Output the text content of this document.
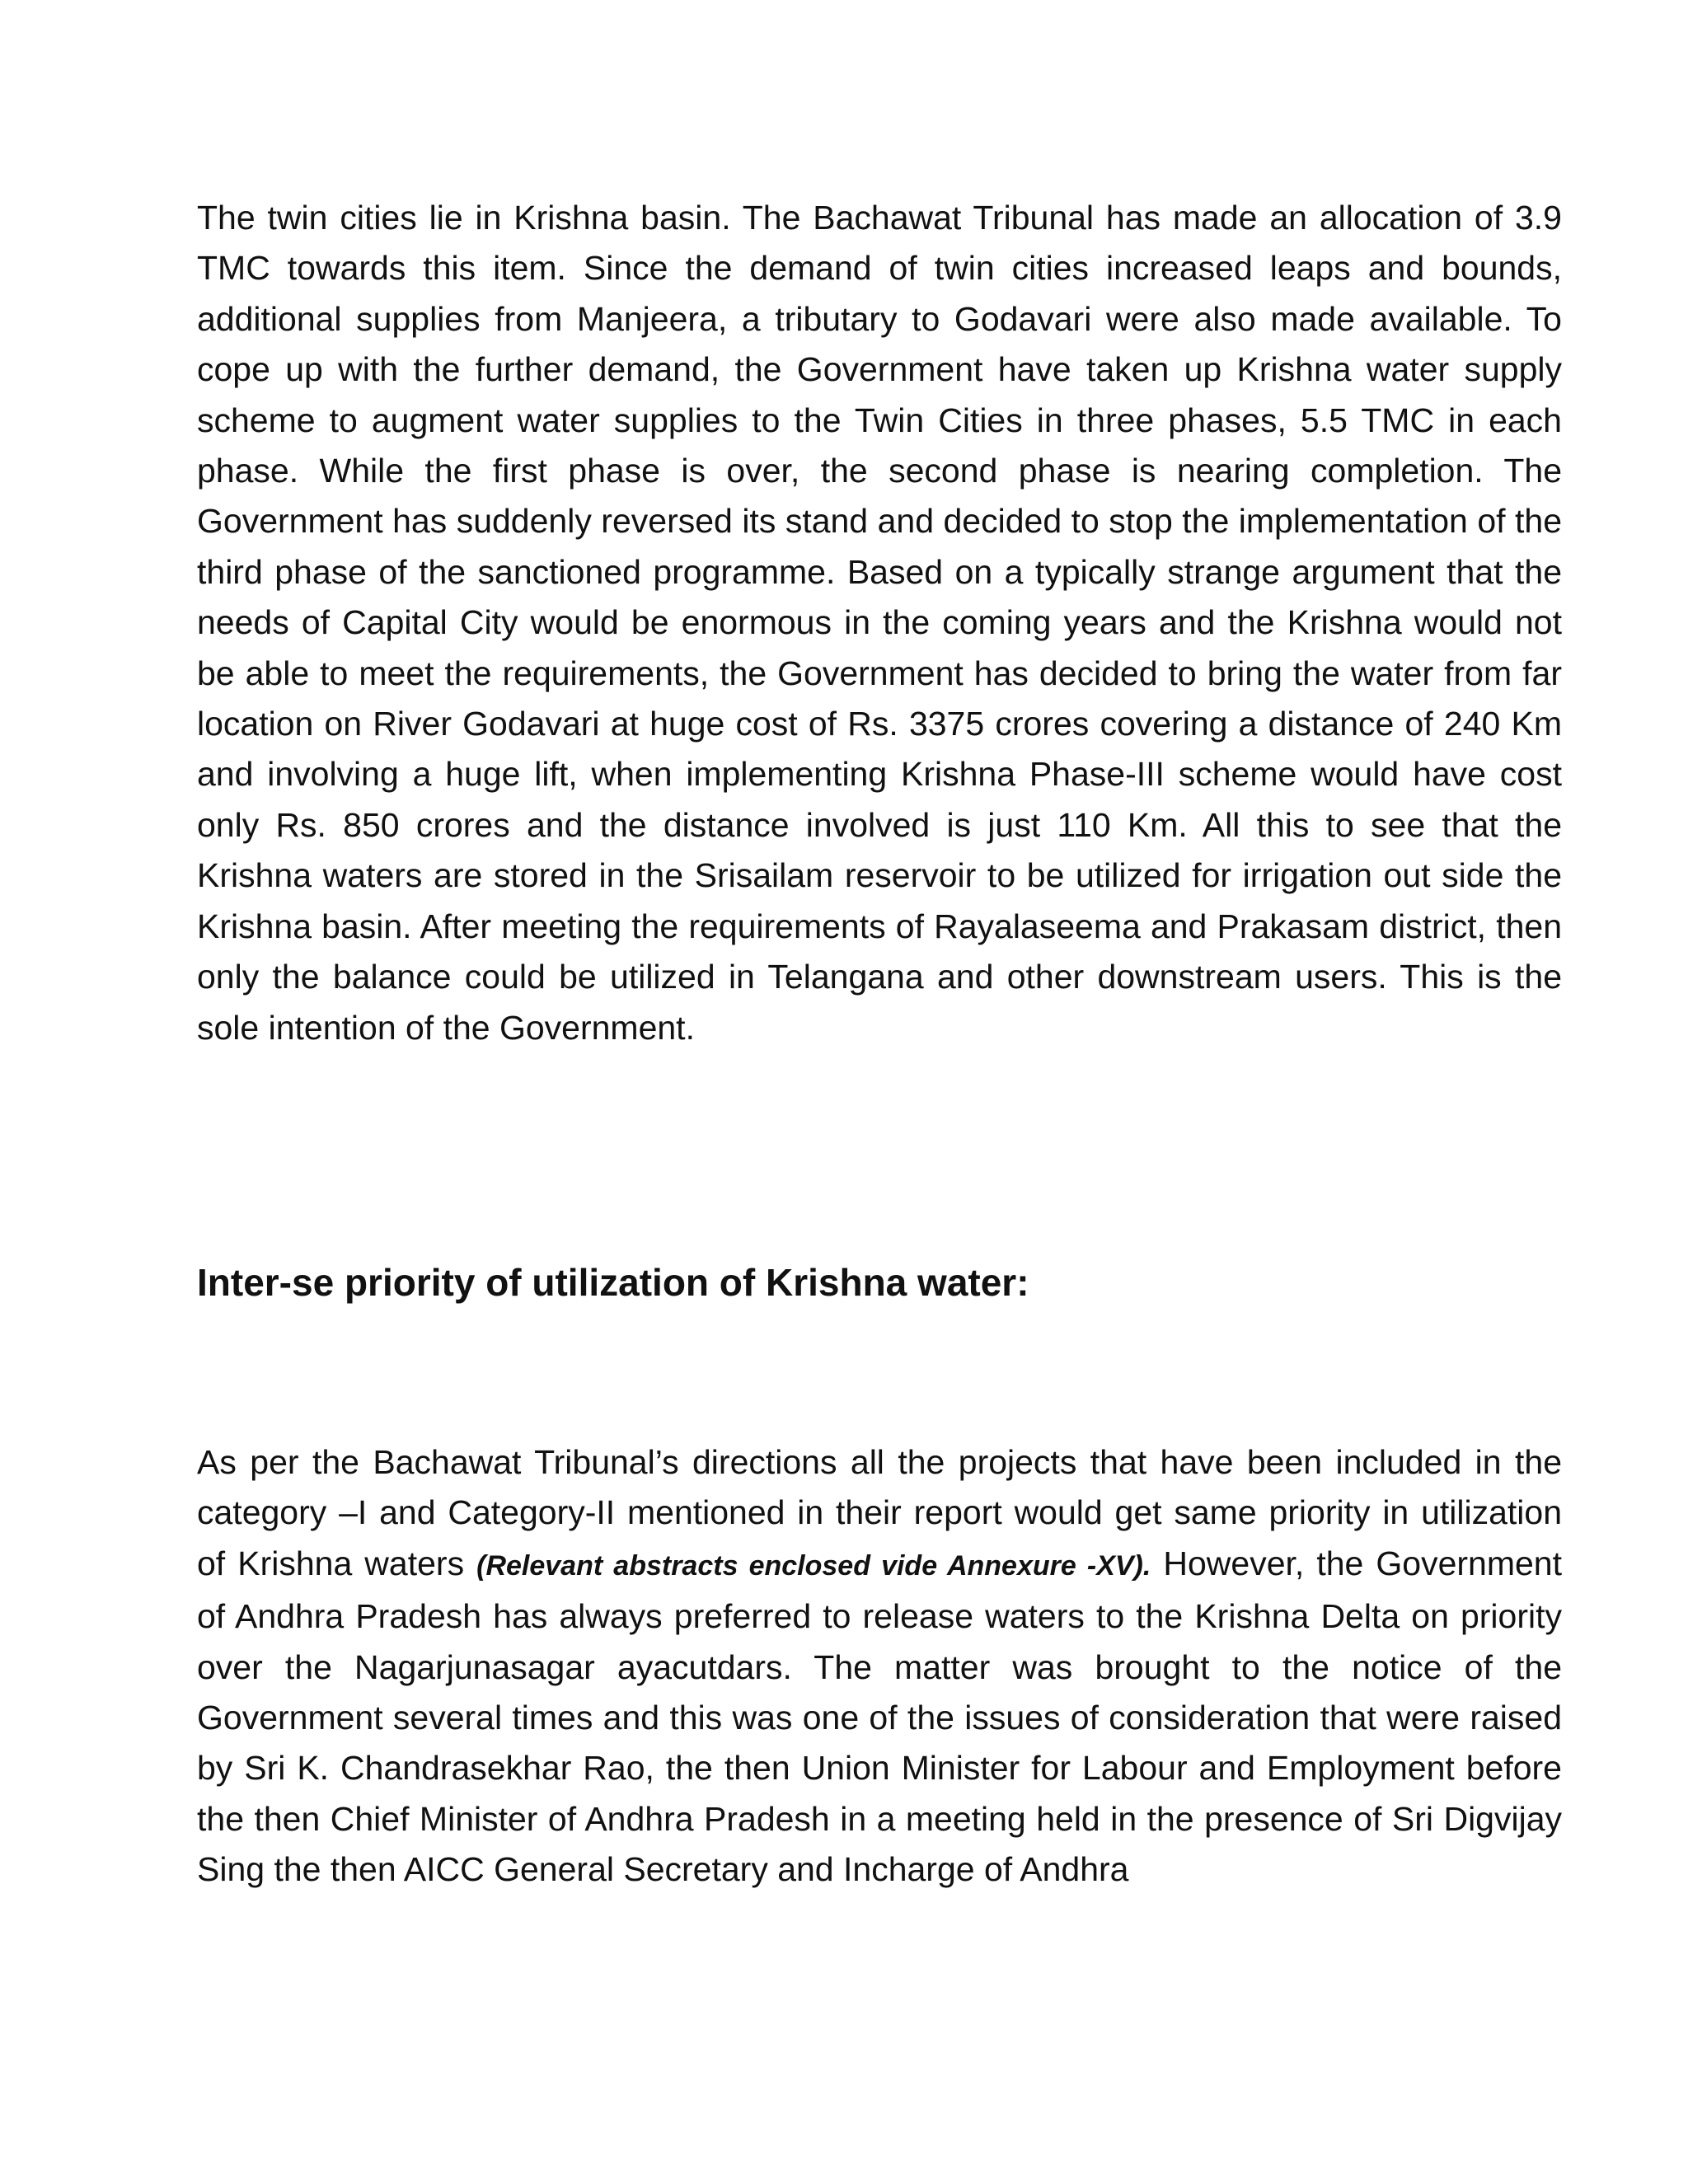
The twin cities lie in Krishna basin. The Bachawat Tribunal has made an allocation of 3.9 TMC towards this item. Since the demand of twin cities increased leaps and bounds, additional supplies from Manjeera, a tributary to Godavari were also made available. To cope up with the further demand, the Government have taken up Krishna water supply scheme to augment water supplies to the Twin Cities in three phases, 5.5 TMC in each phase. While the first phase is over, the second phase is nearing completion. The Government has suddenly reversed its stand and decided to stop the implementation of the third phase of the sanctioned programme. Based on a typically strange argument that the needs of Capital City would be enormous in the coming years and the Krishna would not be able to meet the requirements, the Government has decided to bring the water from far location on River Godavari at huge cost of Rs. 3375 crores covering a distance of 240 Km and involving a huge lift, when implementing Krishna Phase-III scheme would have cost only Rs. 850 crores and the distance involved is just 110 Km. All this to see that the Krishna waters are stored in the Srisailam reservoir to be utilized for irrigation out side the Krishna basin. After meeting the requirements of Rayalaseema and Prakasam district, then only the balance could be utilized in Telangana and other downstream users. This is the sole intention of the Government.

Inter-se priority of utilization of Krishna water:

As per the Bachawat Tribunal’s directions all the projects that have been included in the category –I and Category-II mentioned in their report would get same priority in utilization of Krishna waters (Relevant abstracts enclosed vide Annexure -XV). However, the Government of Andhra Pradesh has always preferred to release waters to the Krishna Delta on priority over the Nagarjunasagar ayacutdars. The matter was brought to the notice of the Government several times and this was one of the issues of consideration that were raised by Sri K. Chandrasekhar Rao, the then Union Minister for Labour and Employment before the then Chief Minister of Andhra Pradesh in a meeting held in the presence of Sri Digvijay Sing the then AICC General Secretary and Incharge of Andhra
